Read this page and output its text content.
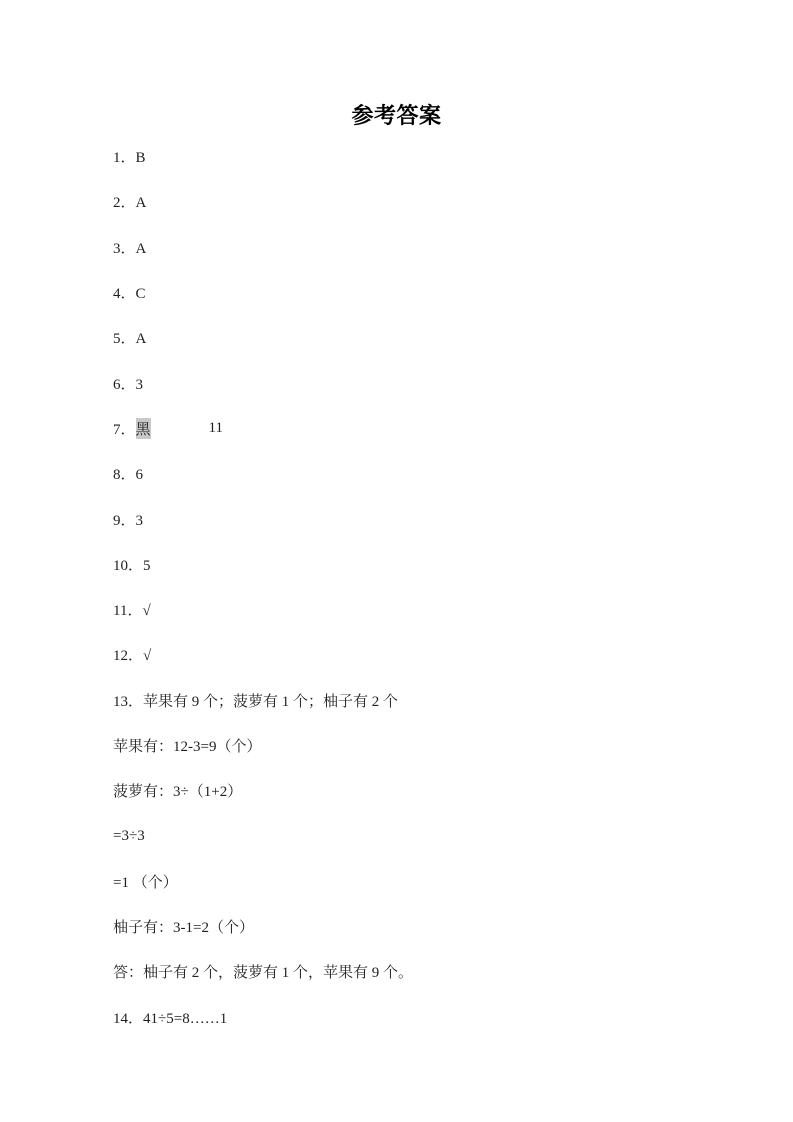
参考答案
1．B
2．A
3．A
4．C
5．A
6．3
7． 黑	11
8．6
9．3
10．5
11．√
12．√
13．苹果有 9 个；菠萝有 1 个；柚子有 2 个
苹果有：12-3=9（个）
菠萝有：3÷（1+2）
=3÷3
=1 （个）
柚子有：3-1=2（个）
答：柚子有 2 个，菠萝有 1 个，苹果有 9 个。
14．41÷5=8……1
